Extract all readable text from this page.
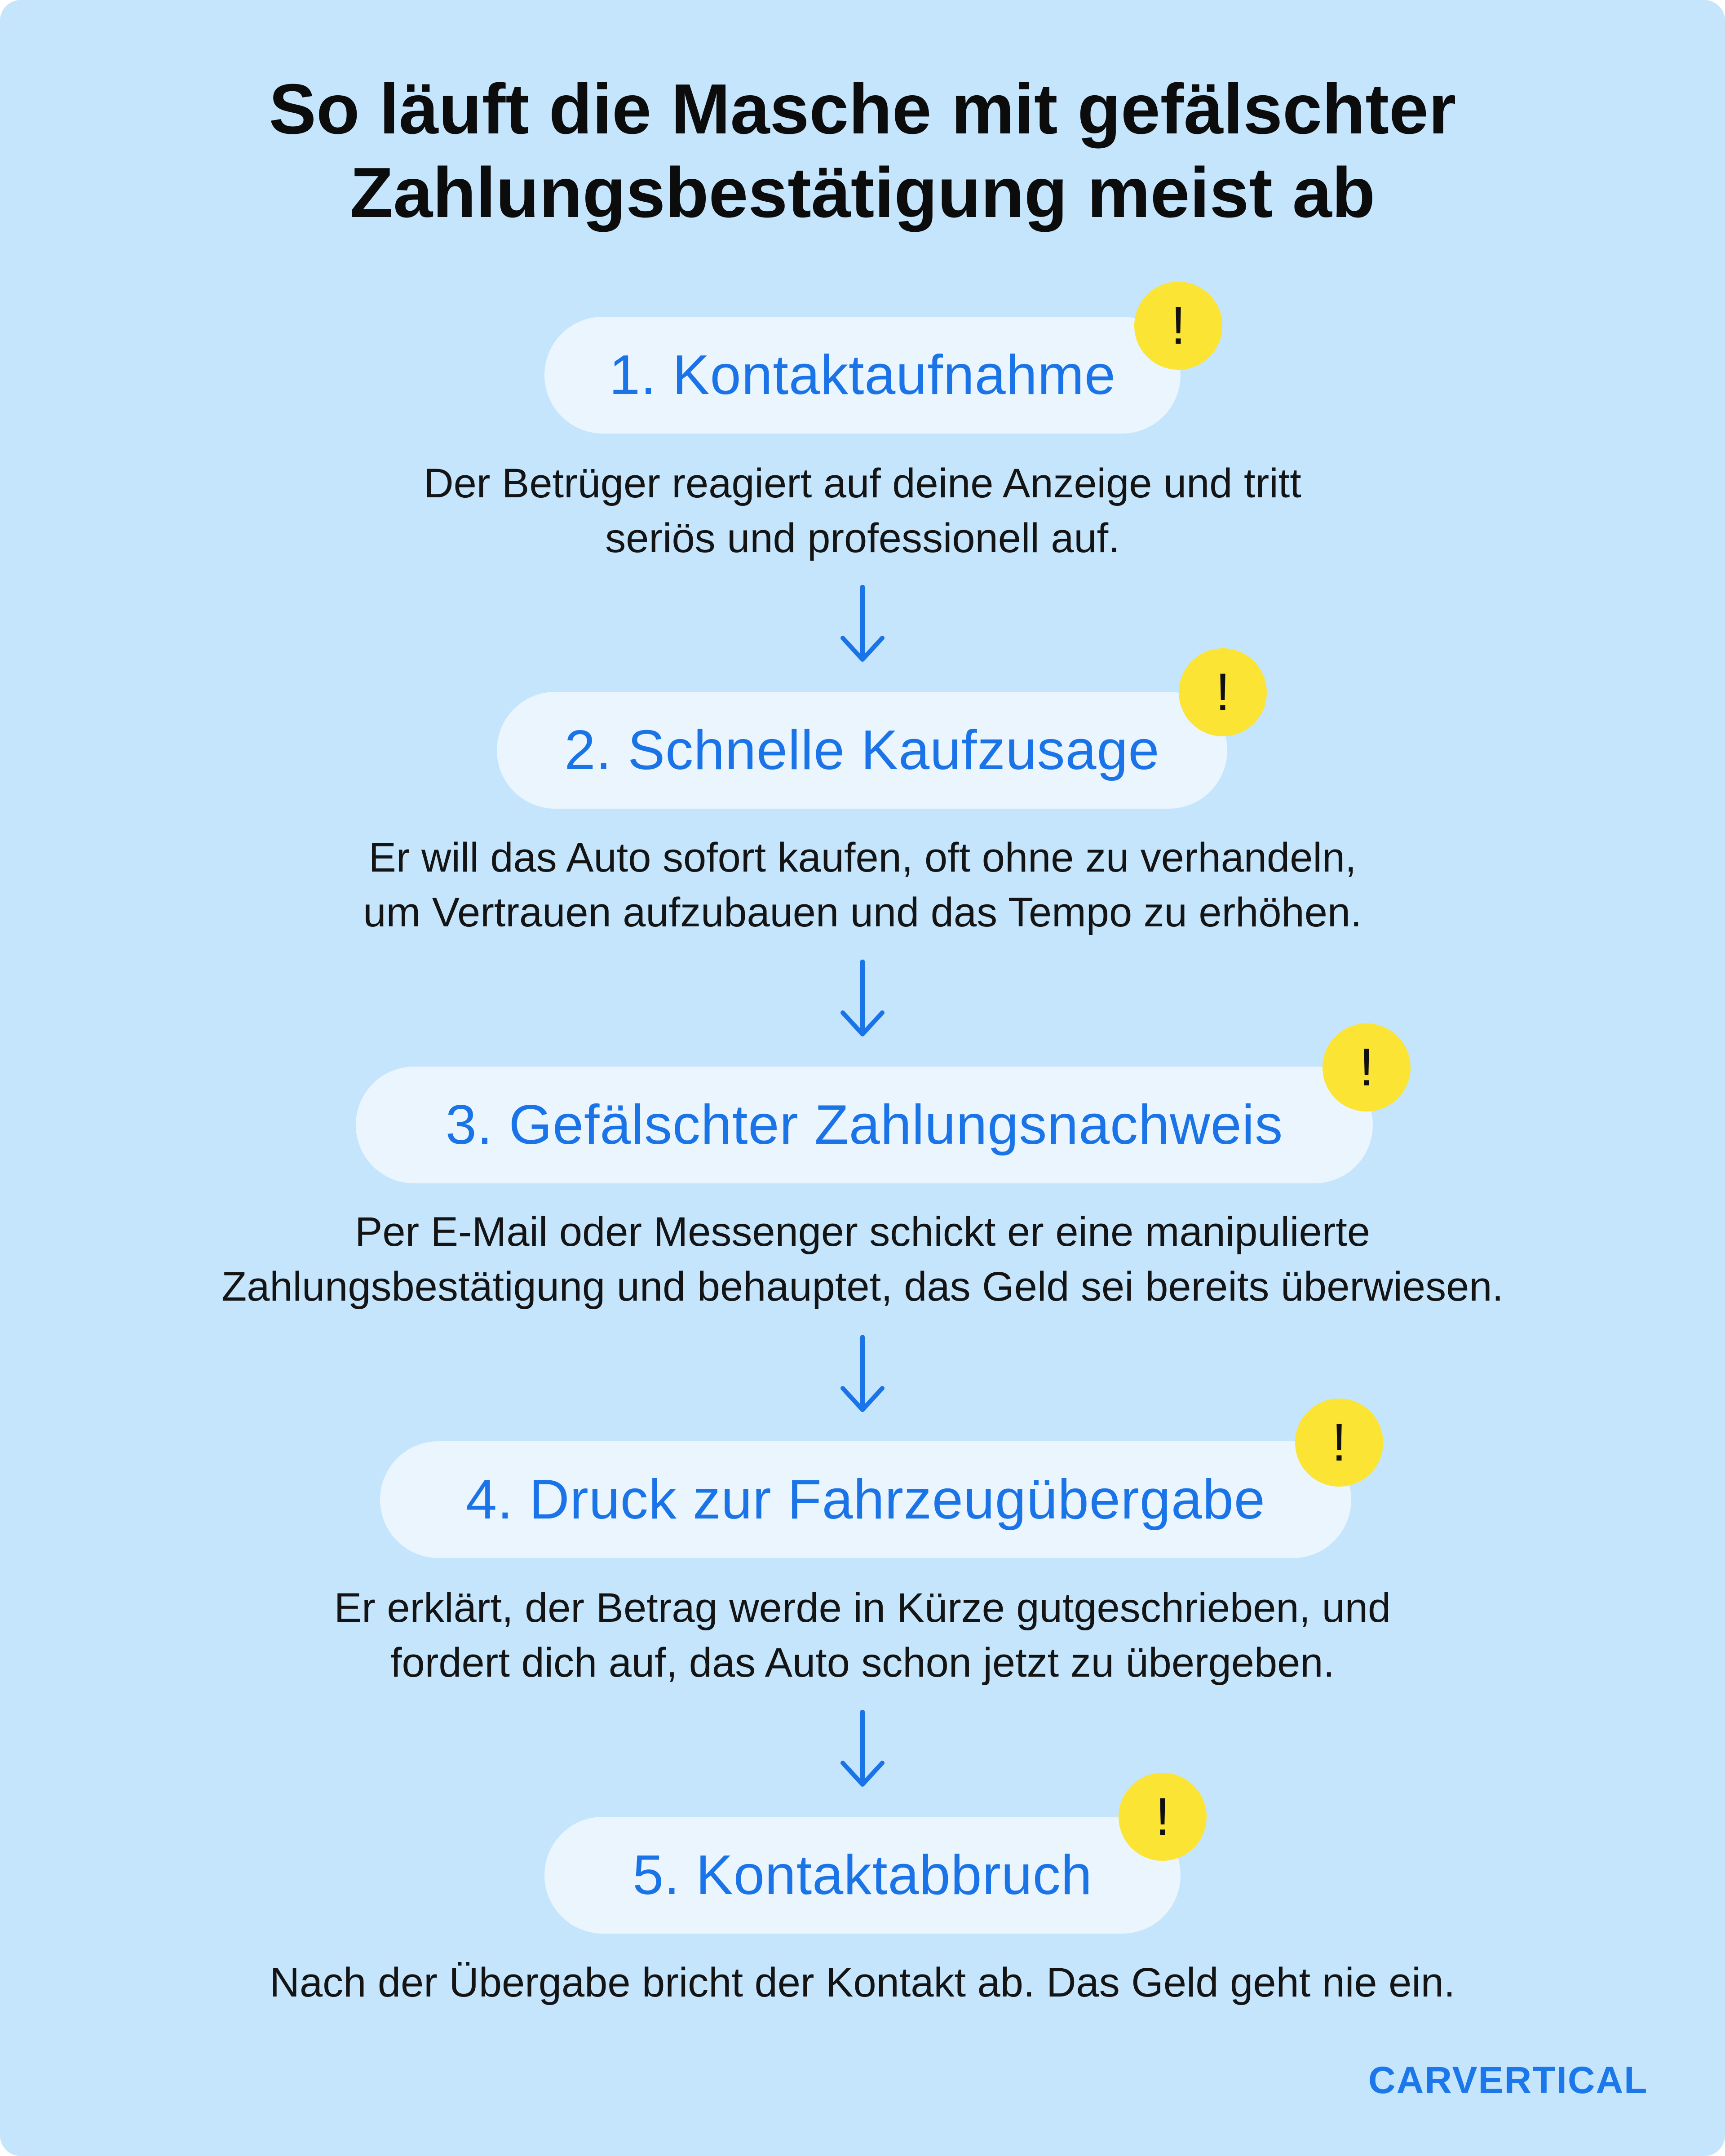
So läuft die Masche mit gefälschter
Zahlungsbestätigung meist ab
1. Kontaktaufnahme
!
Der Betrüger reagiert auf deine Anzeige und tritt
seriös und professionell auf.
2. Schnelle Kaufzusage
!
Er will das Auto sofort kaufen, oft ohne zu verhandeln,
um Vertrauen aufzubauen und das Tempo zu erhöhen.
3. Gefälschter Zahlungsnachweis
!
Per E-Mail oder Messenger schickt er eine manipulierte
Zahlungsbestätigung und behauptet, das Geld sei bereits überwiesen.
4. Druck zur Fahrzeugübergabe
!
Er erklärt, der Betrag werde in Kürze gutgeschrieben, und
fordert dich auf, das Auto schon jetzt zu übergeben.
5. Kontaktabbruch
!
Nach der Übergabe bricht der Kontakt ab. Das Geld geht nie ein.
CARVERTICAL
